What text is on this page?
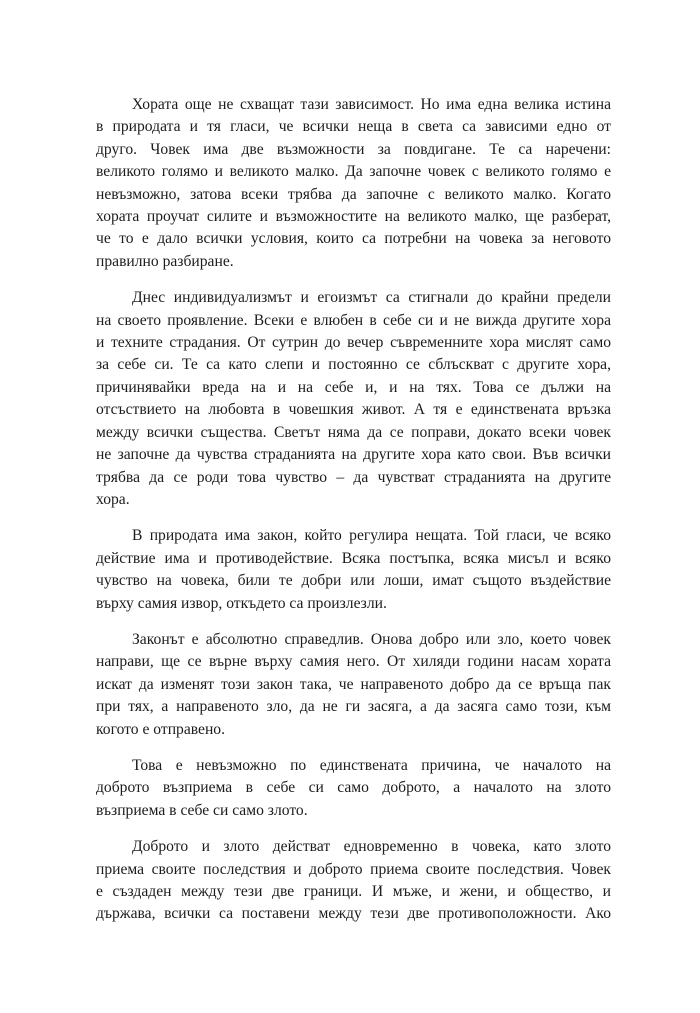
Хората още не схващат тази зависимост. Но има една велика истина
в природата и тя гласи, че всички неща в света са зависими едно от
друго. Човек има две възможности за повдигане. Те са наречени:
великото голямо и великото малко. Да започне човек с великото голямо е
невъзможно, затова всеки трябва да започне с великото малко. Когато
хората проучат силите и възможностите на великото малко, ще разберат,
че то е дало всички условия, които са потребни на човека за неговото
правилно разбиране.

Днес индивидуализмът и егоизмът са стигнали до крайни предели
на своето проявление. Всеки е влюбен в себе си и не вижда другите хора
и техните страдания. От сутрин до вечер съвременните хора мислят само
за себе си. Те са като слепи и постоянно се сблъскват с другите хора,
причинявайки вреда на и на себе и, и на тях. Това се дължи на
отсъствието на любовта в човешкия живот. А тя е единствената връзка
между всички същества. Светът няма да се поправи, докато всеки човек
не започне да чувства страданията на другите хора като свои. Във всички
трябва да се роди това чувство – да чувстват страданията на другите
хора.

В природата има закон, който регулира нещата. Той гласи, че всяко
действие има и противодействие. Всяка постъпка, всяка мисъл и всяко
чувство на човека, били те добри или лоши, имат същото въздействие
върху самия извор, откъдето са произлезли.

Законът е абсолютно справедлив. Онова добро или зло, което човек
направи, ще се върне върху самия него. От хиляди години насам хората
искат да изменят този закон така, че направеното добро да се връща пак
при тях, а направеното зло, да не ги засяга, а да засяга само този, към
когото е отправено.

Това е невъзможно по единствената причина, че началото на
доброто възприема в себе си само доброто, а началото на злото
възприема в себе си само злото.

Доброто и злото действат едновременно в човека, като злото
приема своите последствия и доброто приема своите последствия. Човек
е създаден между тези две граници. И мъже, и жени, и общество, и
държава, всички са поставени между тези две противоположности. Ако
